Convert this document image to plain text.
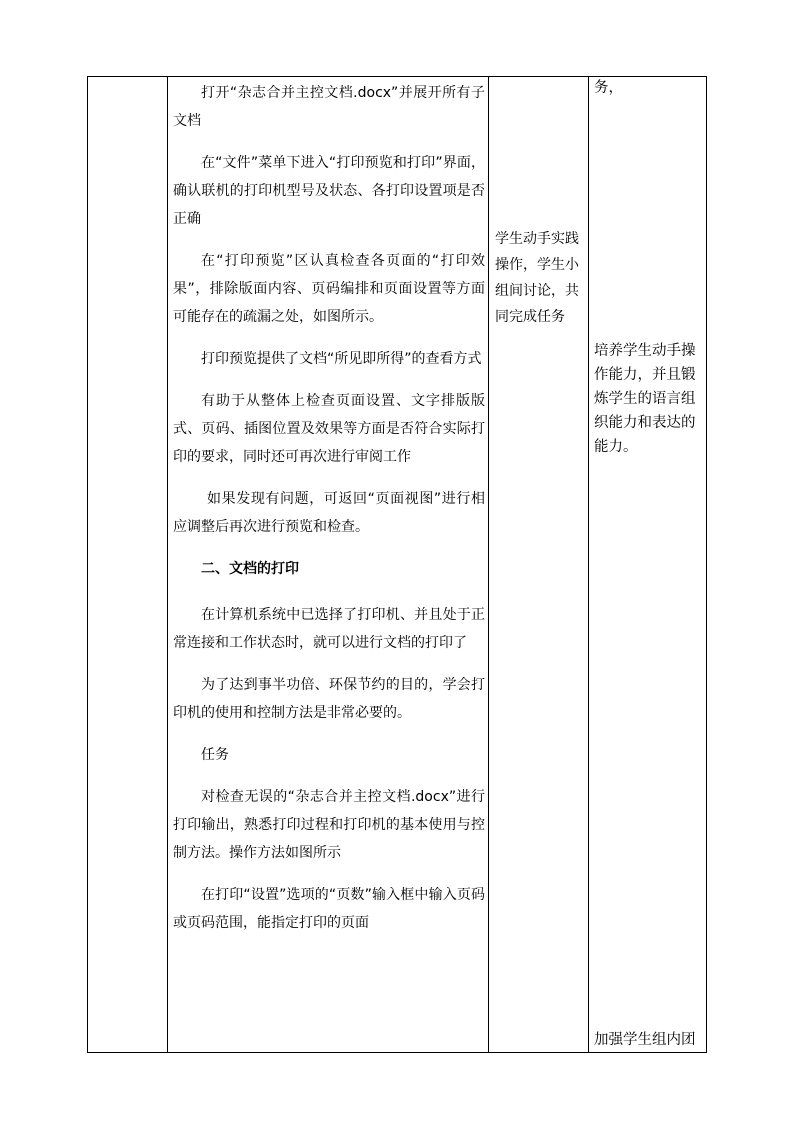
打开“杂志合并主控文档.docx”并展开所有子文档

在“文件”菜单下进入“打印预览和打印”界面，确认联机的打印机型号及状态、各打印设置项是否正确

在“打印预览”区认真检查各页面的“打印效果”，排除版面内容、页码编排和页面设置等方面可能存在的疏漏之处，如图所示。

打印预览提供了文档“所见即所得”的查看方式

有助于从整体上检查页面设置、文字排版版式、页码、插图位置及效果等方面是否符合实际打印的要求，同时还可再次进行审阅工作

如果发现有问题，可返回“页面视图”进行相应调整后再次进行预览和检查。

二、文档的打印

在计算机系统中已选择了打印机、并且处于正常连接和工作状态时，就可以进行文档的打印了

为了达到事半功倍、环保节约的目的，学会打印机的使用和控制方法是非常必要的。

任务

对检查无误的“杂志合并主控文档.docx”进行打印输出，熟悉打印过程和打印机的基本使用与控制方法。操作方法如图所示

在打印“设置”选项的“页数”输入框中输入页码或页码范围，能指定打印的页面

学生动手实践操作，学生小组间讨论，共同完成任务
务，
培养学生动手操作能力，并且锻炼学生的语言组织能力和表达的能力。
加强学生组内团
